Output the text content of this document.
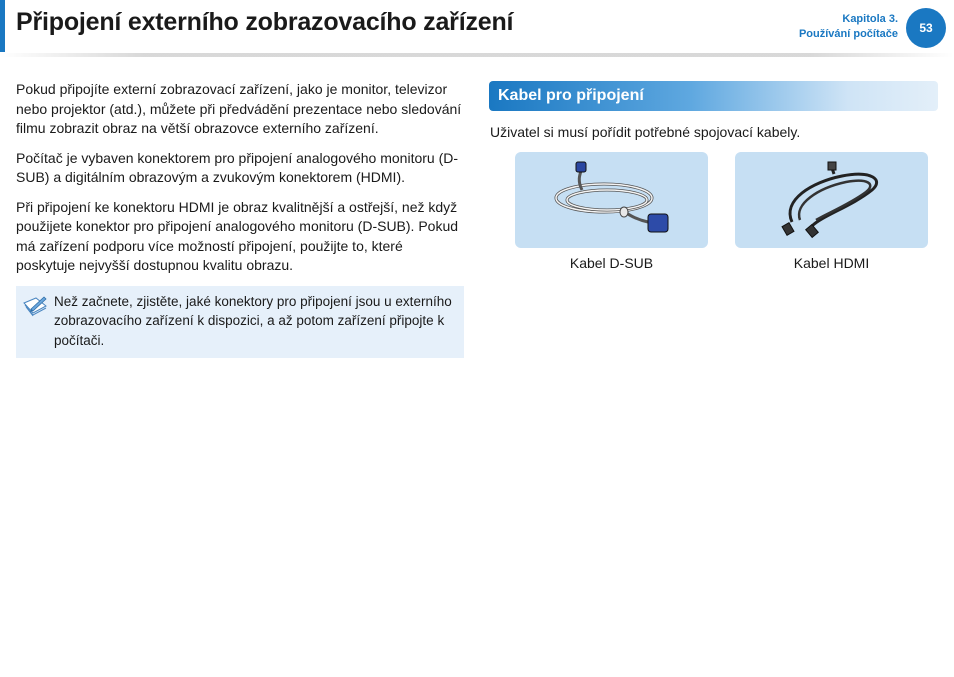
Připojení externího zobrazovacího zařízení	Kapitola 3.
Používání počítače	53

Pokud připojíte externí zobrazovací zařízení, jako je monitor, televizor nebo projektor (atd.), můžete při předvádění prezentace nebo sledování filmu zobrazit obraz na větší obrazovce externího zařízení.

Počítač je vybaven konektorem pro připojení analogového monitoru (D-SUB) a digitálním obrazovým a zvukovým konektorem (HDMI).

Při připojení ke konektoru HDMI je obraz kvalitnější a ostřejší, než když použijete konektor pro připojení analogového monitoru (D-SUB). Pokud má zařízení podporu více možností připojení, použijte to, které poskytuje nejvyšší dostupnou kvalitu obrazu.

Než začnete, zjistěte, jaké konektory pro připojení jsou u externího zobrazovacího zařízení k dispozici, a až potom zařízení připojte k počítači.
Kabel pro připojení

Uživatel si musí pořídit potřebné spojovací kabely.

Kabel D-SUB	Kabel HDMI
